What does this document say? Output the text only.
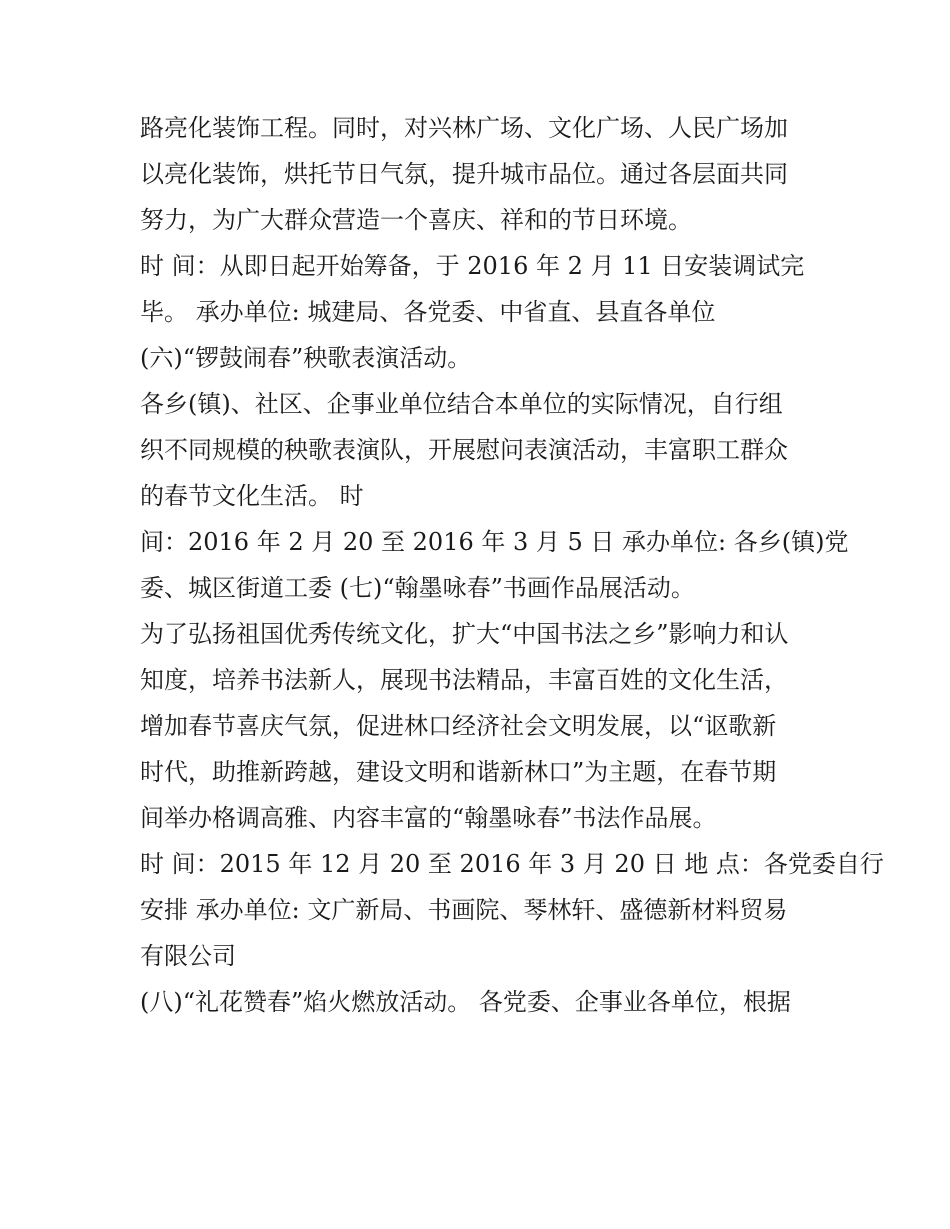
路亮化装饰工程。同时，对兴林广场、文化广场、人民广场加
以亮化装饰，烘托节日气氛，提升城市品位。通过各层面共同
努力，为广大群众营造一个喜庆、祥和的节日环境。
时 间：从即日起开始筹备，于 2016 年 2 月 11 日安装调试完
毕。 承办单位: 城建局、各党委、中省直、县直各单位
(六)“锣鼓闹春”秧歌表演活动。
各乡(镇)、社区、企事业单位结合本单位的实际情况，自行组
织不同规模的秧歌表演队，开展慰问表演活动，丰富职工群众
的春节文化生活。 时
间：2016 年 2 月 20 至 2016 年 3 月 5 日 承办单位: 各乡(镇)党
委、城区街道工委 (七)“翰墨咏春”书画作品展活动。
为了弘扬祖国优秀传统文化，扩大“中国书法之乡”影响力和认
知度，培养书法新人，展现书法精品，丰富百姓的文化生活，
增加春节喜庆气氛，促进林口经济社会文明发展，以“讴歌新
时代，助推新跨越，建设文明和谐新林口”为主题，在春节期
间举办格调高雅、内容丰富的“翰墨咏春”书法作品展。
时 间：2015 年 12 月 20 至 2016 年 3 月 20 日 地 点：各党委自行
安排 承办单位: 文广新局、书画院、琴林轩、盛德新材料贸易
有限公司
(八)“礼花赞春”焰火燃放活动。 各党委、企事业各单位，根据
